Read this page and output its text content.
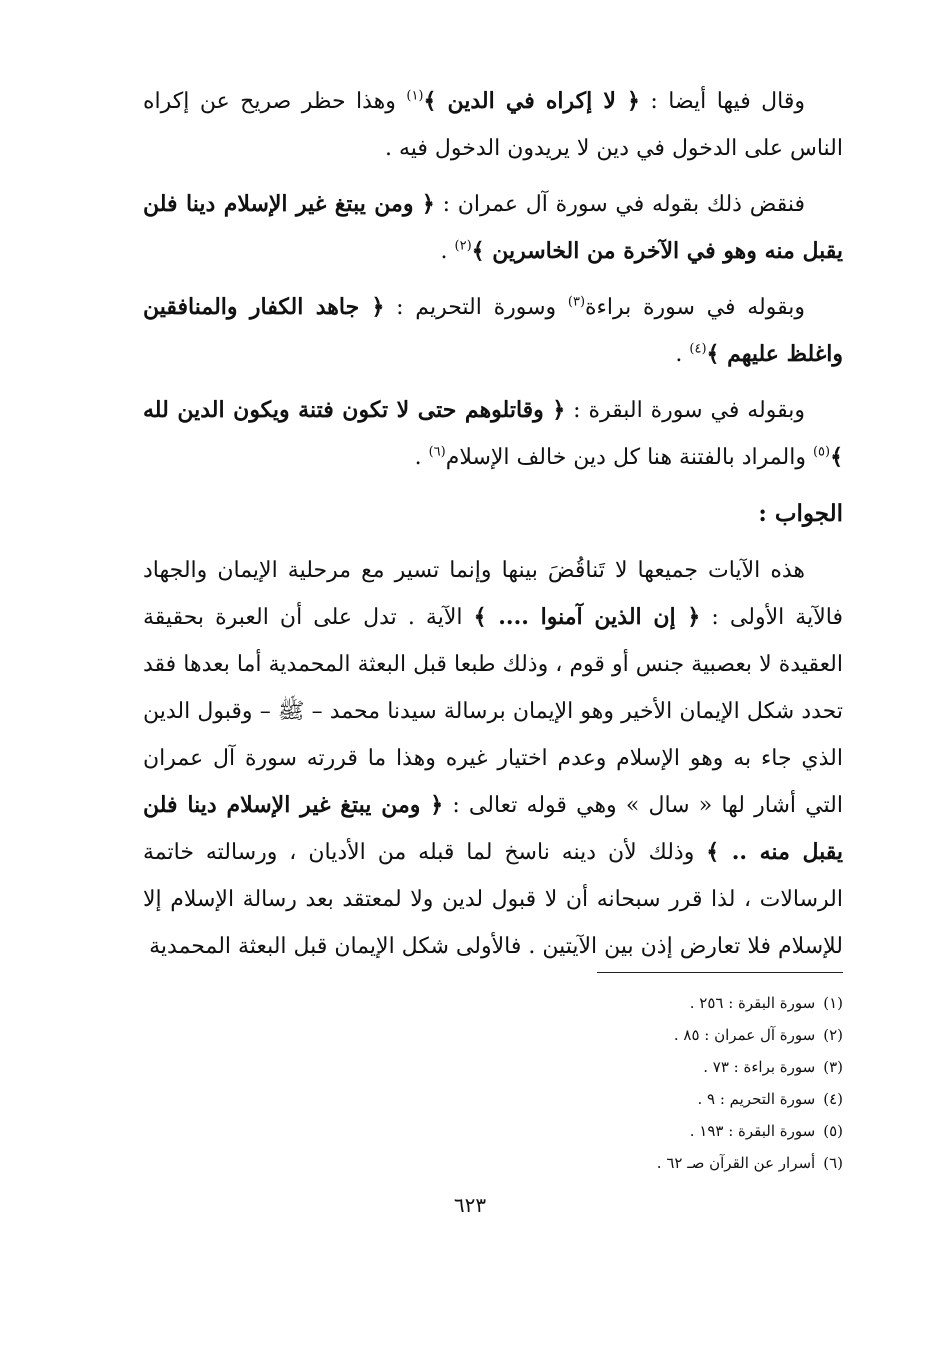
وقال فيها أيضا : ﴿ لا إكراه في الدين ﴾$^{(١)}$ وهذا حظر صريح عن إكراه الناس على الدخول في دين لا يريدون الدخول فيه .

فنقض ذلك بقوله في سورة آل عمران : ﴿ ومن يبتغ غير الإسلام دينا فلن يقبل منه وهو في الآخرة من الخاسرين ﴾$^{(٢)}$ .

وبقوله في سورة براءة$^{(٣)}$ وسورة التحريم : ﴿ جاهد الكفار والمنافقين واغلظ عليهم ﴾$^{(٤)}$ .

وبقوله في سورة البقرة : ﴿ وقاتلوهم حتى لا تكون فتنة ويكون الدين لله ﴾$^{(٥)}$ والمراد بالفتنة هنا كل دين خالف الإسلام$^{(٦)}$ .

الجواب :

هذه الآيات جميعها لا تَناقُضَ بينها وإنما تسير مع مرحلية الإيمان والجهاد فالآية الأولى : ﴿ إن الذين آمنوا .... ﴾ الآية . تدل على أن العبرة بحقيقة العقيدة لا بعصبية جنس أو قوم ، وذلك طبعا قبل البعثة المحمدية أما بعدها فقد تحدد شكل الإيمان الأخير وهو الإيمان برسالة سيدنا محمد – ﷺ – وقبول الدين الذي جاء به وهو الإسلام وعدم اختيار غيره وهذا ما قررته سورة آل عمران التي أشار لها « سال » وهي قوله تعالى : ﴿ ومن يبتغ غير الإسلام دينا فلن يقبل منه .. ﴾ وذلك لأن دينه ناسخ لما قبله من الأديان ، ورسالته خاتمة الرسالات ، لذا قرر سبحانه أن لا قبول لدين ولا لمعتقد بعد رسالة الإسلام إلا للإسلام فلا تعارض إذن بين الآيتين . فالأولى شكل الإيمان قبل البعثة المحمدية

(١)سورة البقرة : ٢٥٦ .
(٢)سورة آل عمران : ٨٥ .
(٣)سورة براءة : ٧٣ .
(٤)سورة التحريم : ٩ .
(٥)سورة البقرة : ١٩٣ .
(٦)أسرار عن القرآن صـ ٦٢ .
٦٢٣
